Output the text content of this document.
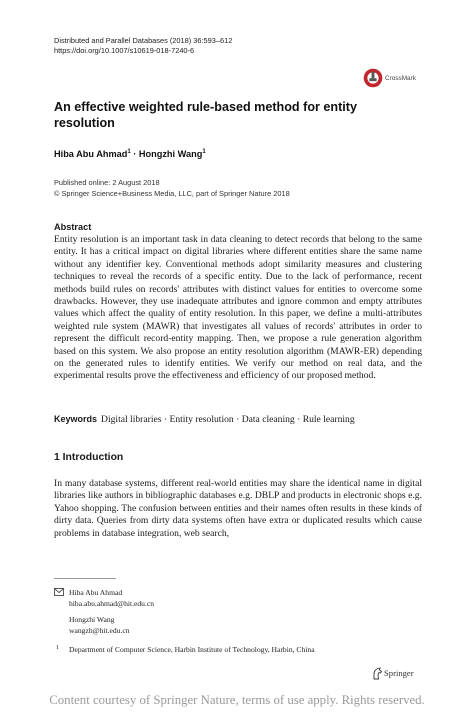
Distributed and Parallel Databases (2018) 36:593–612
https://doi.org/10.1007/s10619-018-7240-6
CrossMark
An effective weighted rule-based method for entity resolution
Hiba Abu Ahmad$^1$ · Hongzhi Wang$^1$
Published online: 2 August 2018
© Springer Science+Business Media, LLC, part of Springer Nature 2018
Abstract

Entity resolution is an important task in data cleaning to detect records that belong to the same entity. It has a critical impact on digital libraries where different entities share the same name without any identifier key. Conventional methods adopt similarity measures and clustering techniques to reveal the records of a specific entity. Due to the lack of performance, recent methods build rules on records' attributes with distinct values for entities to overcome some drawbacks. However, they use inadequate attributes and ignore common and empty attributes values which affect the quality of entity resolution. In this paper, we define a multi-attributes weighted rule system (MAWR) that investigates all values of records' attributes in order to represent the difficult record-entity mapping. Then, we propose a rule generation algorithm based on this system. We also propose an entity resolution algorithm (MAWR-ER) depending on the generated rules to identify entities. We verify our method on real data, and the experimental results prove the effectiveness and efficiency of our proposed method.

Keywords Digital libraries · Entity resolution · Data cleaning · Rule learning
1 Introduction

In many database systems, different real-world entities may share the identical name in digital libraries like authors in bibliographic databases e.g. DBLP and products in electronic shops e.g. Yahoo shopping. The confusion between entities and their names often results in these kinds of dirty data. Queries from dirty data systems often have extra or duplicated results which cause problems in database integration, web search,

Hiba Abu Ahmad
hiba.abu.ahmad@hit.edu.cn
Hongzhi Wang
wangzh@hit.edu.cn
1 Department of Computer Science, Harbin Institute of Technology, Harbin, China
Springer
Content courtesy of Springer Nature, terms of use apply. Rights reserved.
